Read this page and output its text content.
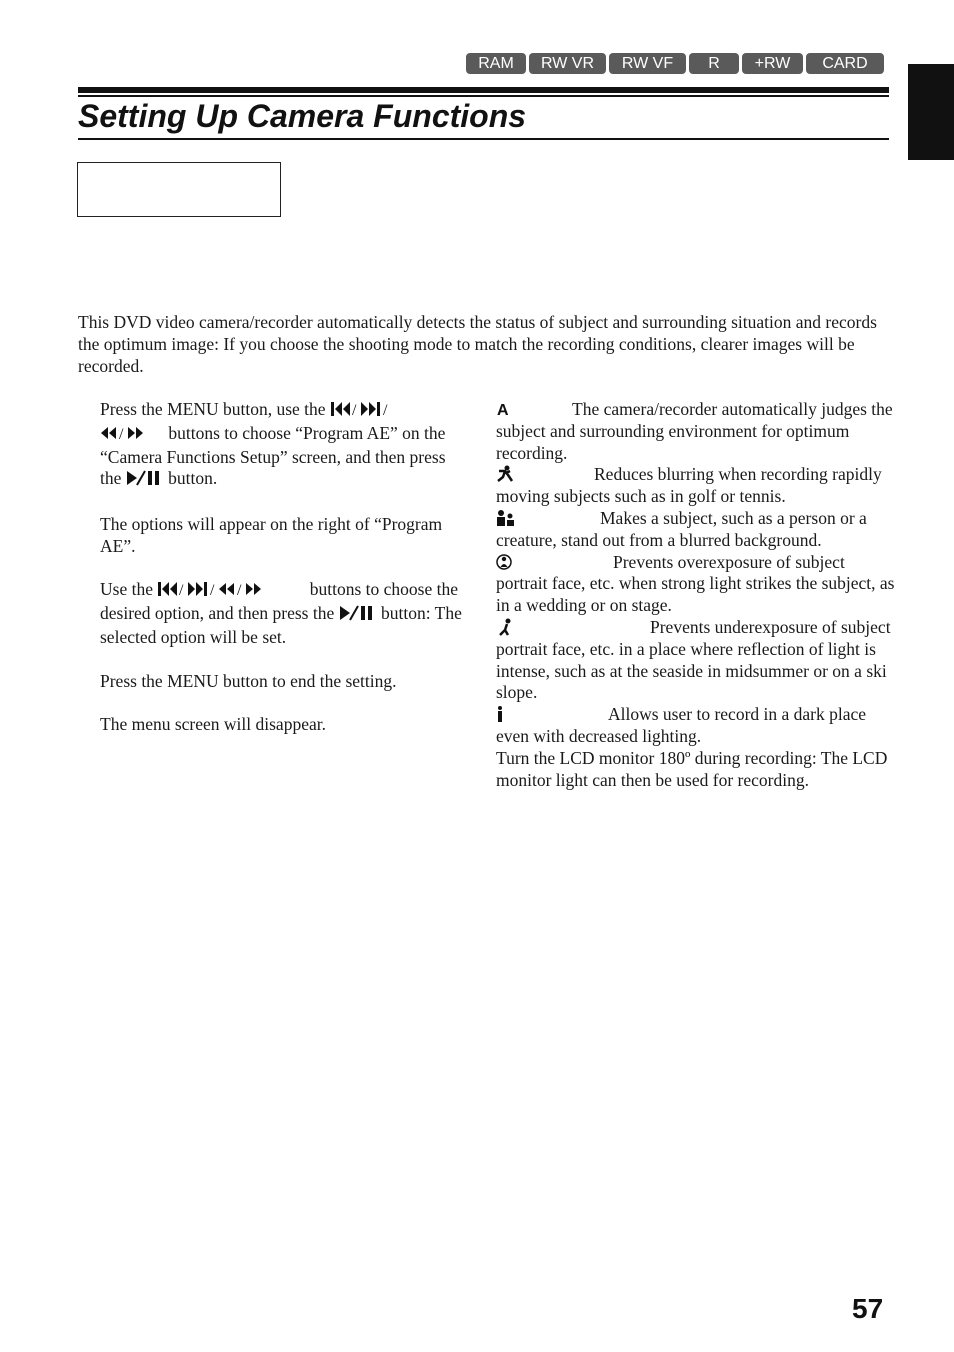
RAM	RW VR	RW VF	R	+RW	CARD
Setting Up Camera Functions

This DVD video camera/recorder automatically detects the status of subject and surrounding situation and records the optimum image: If you choose the shooting mode to match the recording conditions, clearer images will be recorded.

Press the MENU button, use the / /

/ buttons to choose “Program AE” on the “Camera Functions Setup” screen, and then press the  button.

The options will appear on the right of “Program AE”.

Use the / / /	buttons to choose the desired option, and then press the  button: The selected option will be set.

Press the MENU button to end the setting.

The menu screen will disappear.

A	The camera/recorder automatically judges the subject and surrounding environment for optimum recording.
Reduces blurring when recording rapidly moving subjects such as in golf or tennis.
Makes a subject, such as a person or a creature, stand out from a blurred background.
Prevents overexposure of subject portrait face, etc. when strong light strikes the subject, as in a wedding or on stage.
Prevents underexposure of subject portrait face, etc. in a place where reflection of light is intense, such as at the seaside in midsummer or on a ski slope.
Allows user to record in a dark place even with decreased lighting.
Turn the LCD monitor 180º during recording: The LCD monitor light can then be used for recording.
57
